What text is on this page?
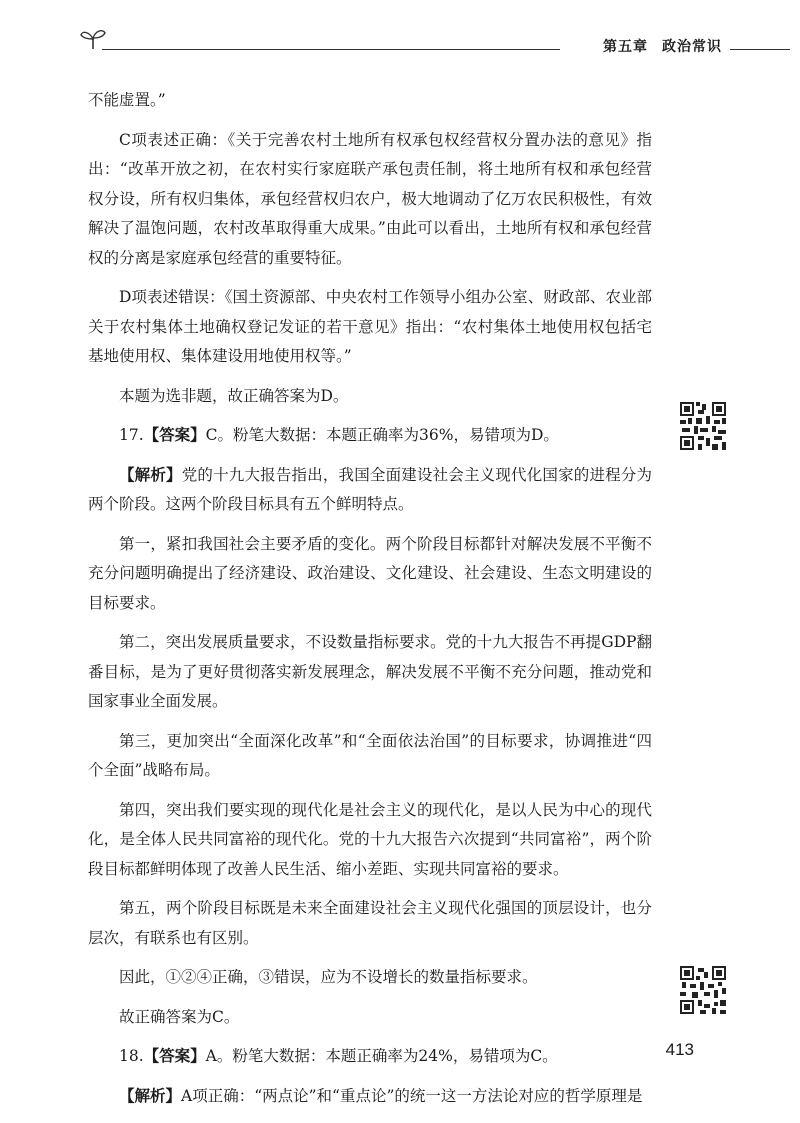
第五章 政治常识

不能虚置。”

C项表述正确：《关于完善农村土地所有权承包权经营权分置办法的意见》指出：“改革开放之初，在农村实行家庭联产承包责任制，将土地所有权和承包经营权分设，所有权归集体，承包经营权归农户，极大地调动了亿万农民积极性，有效解决了温饱问题，农村改革取得重大成果。”由此可以看出，土地所有权和承包经营权的分离是家庭承包经营的重要特征。

D项表述错误：《国土资源部、中央农村工作领导小组办公室、财政部、农业部关于农村集体土地确权登记发证的若干意见》指出：“农村集体土地使用权包括宅基地使用权、集体建设用地使用权等。”

本题为选非题，故正确答案为D。

17.【答案】C。粉笔大数据：本题正确率为36%，易错项为D。

【解析】党的十九大报告指出，我国全面建设社会主义现代化国家的进程分为两个阶段。这两个阶段目标具有五个鲜明特点。

第一，紧扣我国社会主要矛盾的变化。两个阶段目标都针对解决发展不平衡不充分问题明确提出了经济建设、政治建设、文化建设、社会建设、生态文明建设的目标要求。

第二，突出发展质量要求，不设数量指标要求。党的十九大报告不再提GDP翻番目标，是为了更好贯彻落实新发展理念，解决发展不平衡不充分问题，推动党和国家事业全面发展。

第三，更加突出“全面深化改革”和“全面依法治国”的目标要求，协调推进“四个全面”战略布局。

第四，突出我们要实现的现代化是社会主义的现代化，是以人民为中心的现代化，是全体人民共同富裕的现代化。党的十九大报告六次提到“共同富裕”，两个阶段目标都鲜明体现了改善人民生活、缩小差距、实现共同富裕的要求。

第五，两个阶段目标既是未来全面建设社会主义现代化强国的顶层设计，也分层次，有联系也有区别。

因此，①②④正确，③错误，应为不设增长的数量指标要求。

故正确答案为C。

18.【答案】A。粉笔大数据：本题正确率为24%，易错项为C。

【解析】A项正确：“两点论”和“重点论”的统一这一方法论对应的哲学原理是

413
